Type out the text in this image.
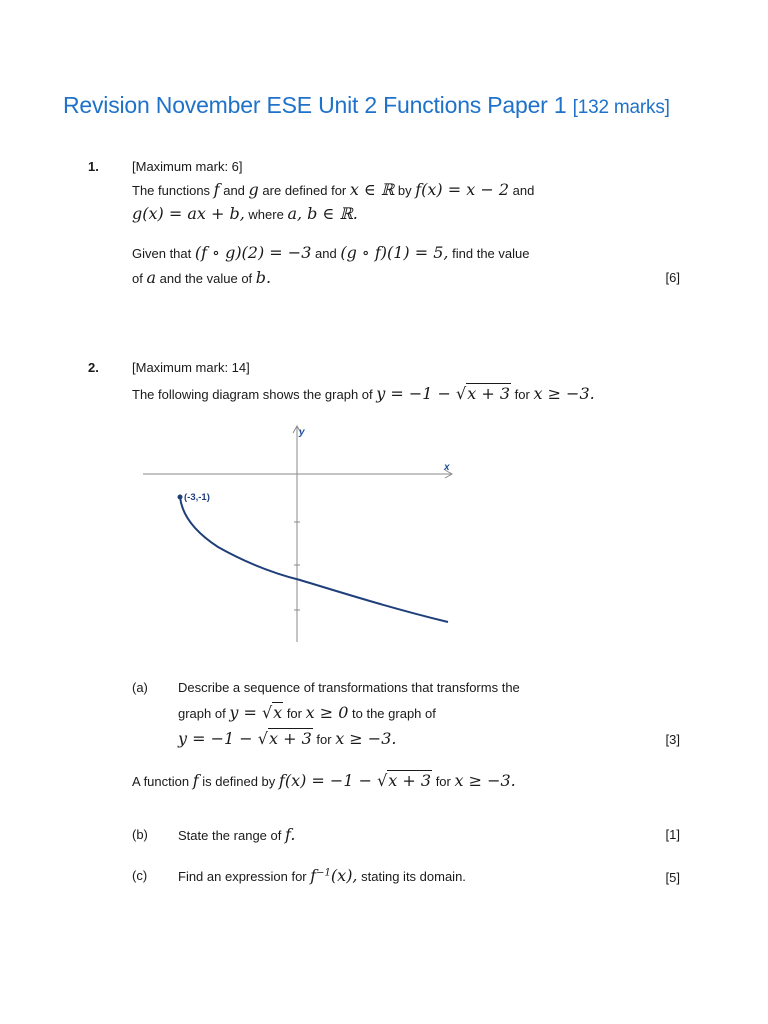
Revision November ESE Unit 2 Functions Paper 1 [132 marks]
1.	[Maximum mark: 6]
The functions f and g are defined for x ∈ ℝ by f(x) = x − 2 and
g(x) = ax + b, where a, b ∈ ℝ.
Given that (f ∘ g)(2) = −3 and (g ∘ f)(1) = 5, find the value
of a and the value of b.	[6]
2.	[Maximum mark: 14]
The following diagram shows the graph of y = −1 − √x + 3 for x ≥ −3.
y
x
(-3,-1)
(a) Describe a sequence of transformations that transforms the
graph of y = √x for x ≥ 0 to the graph of
y = −1 − √x + 3 for x ≥ −3.	[3]
A function f is defined by f(x) = −1 − √x + 3 for x ≥ −3.
(b) State the range of f.	[1]
(c) Find an expression for $f^{-1}(x)$, stating its domain.	[5]
